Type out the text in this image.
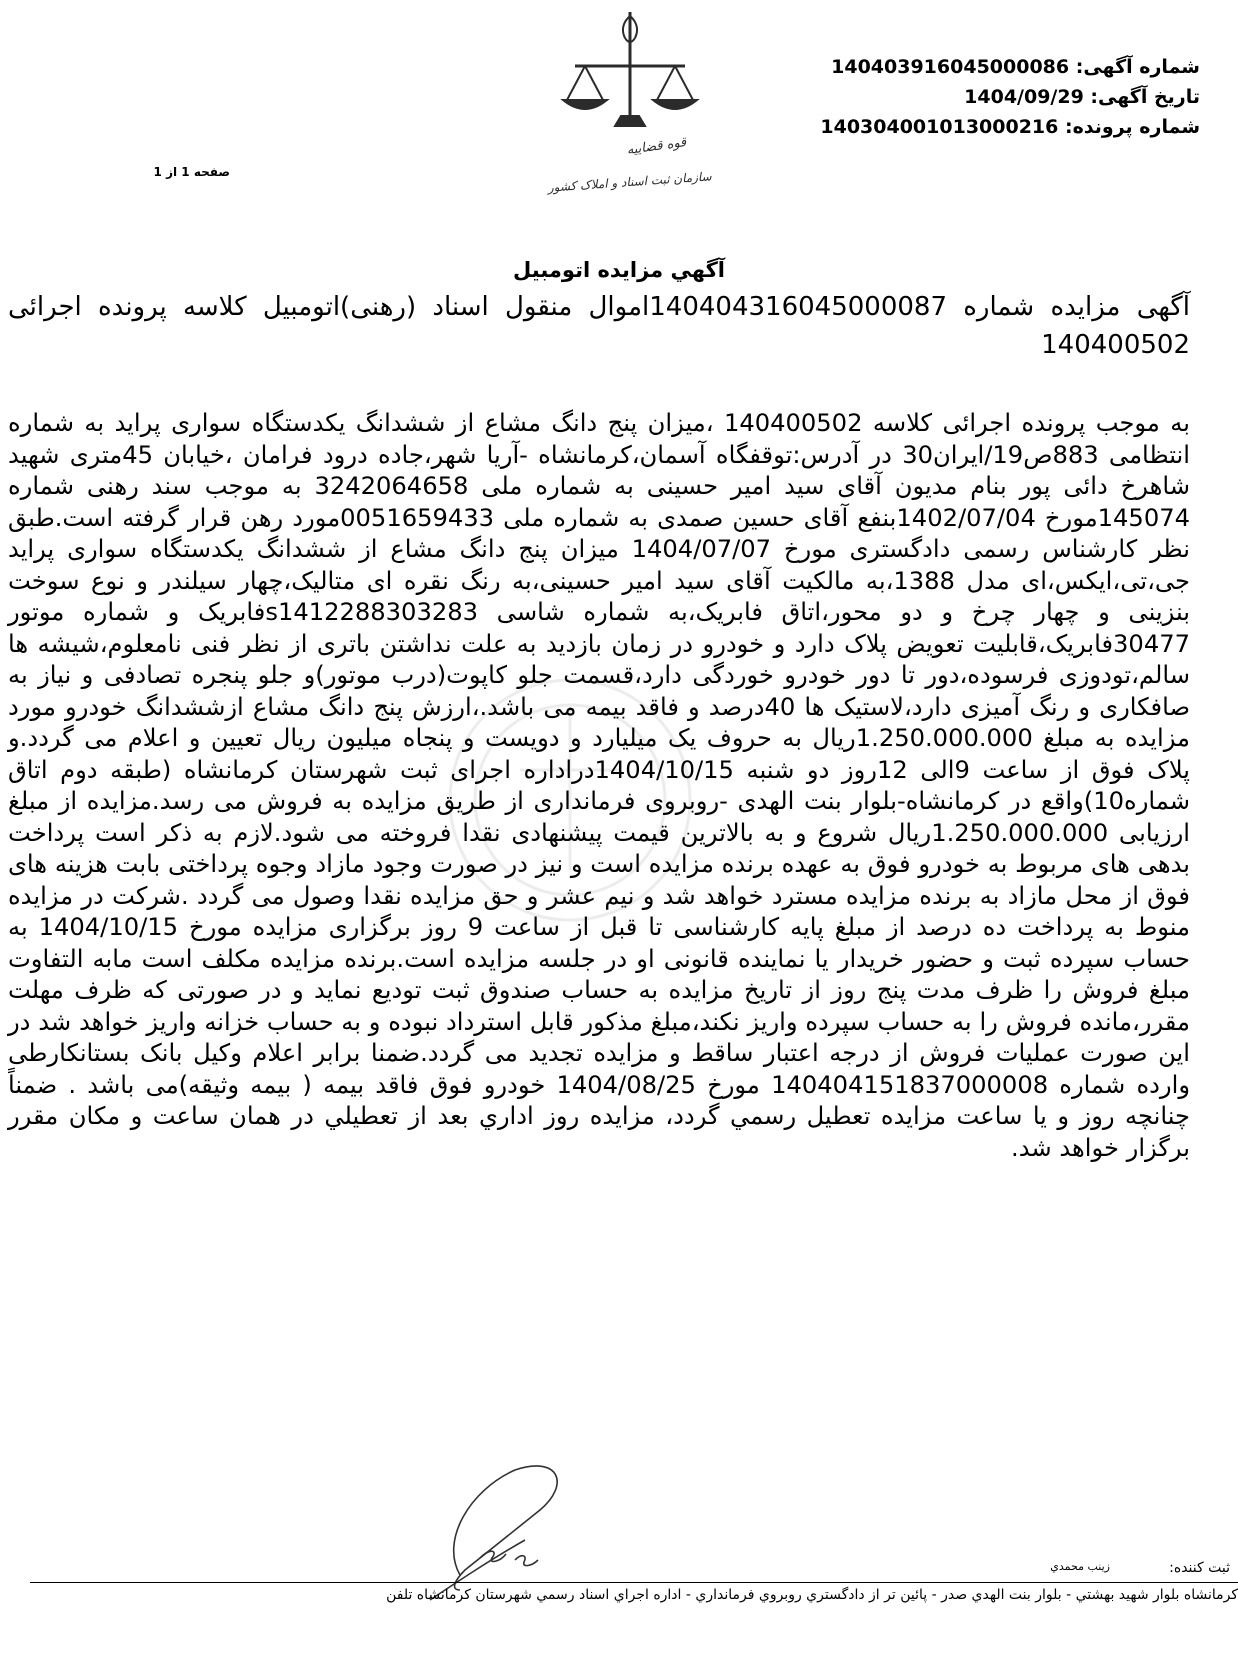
شماره آگهی: 140403916045000086
تاریخ آگهی: 1404/09/29
شماره پرونده: 140304001013000216
صفحه 1 از 1
قوه قضاییه
سازمان ثبت اسناد و املاک کشور
آگهي مزايده اتومبيل
آگهی مزایده شماره 140404316045000087اموال منقول اسناد (رهنی)اتومبیل کلاسه پرونده اجرائی 140400502
به موجب پرونده اجرائی کلاسه 140400502 ،میزان پنج دانگ مشاع از ششدانگ یکدستگاه سواری پراید به شماره انتظامی 883ص19/ایران30 در آدرس:توقفگاه آسمان،کرمانشاه -آریا شهر،جاده درود فرامان ،خیابان 45متری شهید شاهرخ دائی پور بنام مدیون آقای سید امیر حسینی به شماره ملی 3242064658 به موجب سند رهنی شماره 145074مورخ 1402/07/04بنفع آقای حسین صمدی به شماره ملی 0051659433مورد رهن قرار گرفته است.طبق نظر کارشناس رسمی دادگستری مورخ 1404/07/07 میزان پنج دانگ مشاع از ششدانگ یکدستگاه سواری پراید جی،تی،ایکس،ای مدل 1388،به مالکیت آقای سید امیر حسینی،به رنگ نقره ای متالیک،چهار سیلندر و نوع سوخت بنزینی و چهار چرخ و دو محور،اتاق فابریک،به شماره شاسی s1412288303283فابریک و شماره موتور 30477فابریک،قابلیت تعویض پلاک دارد و خودرو در زمان بازدید به علت نداشتن باتری از نظر فنی نامعلوم،شیشه ها سالم،تودوزی فرسوده،دور تا دور خودرو خوردگی دارد،قسمت جلو کاپوت(درب موتور)و جلو پنجره تصادفی و نیاز به صافکاری و رنگ آمیزی دارد،لاستیک ها 40درصد و فاقد بیمه می باشد.،ارزش پنج دانگ مشاع ازششدانگ خودرو مورد مزایده به مبلغ 1.250.000.000ریال به حروف یک میلیارد و دویست و پنجاه میلیون ریال تعیین و اعلام می گردد.و پلاک فوق از ساعت 9الی 12روز دو شنبه 1404/10/15دراداره اجرای ثبت شهرستان کرمانشاه (طبقه دوم اتاق شماره10)واقع در کرمانشاه-بلوار بنت الهدی -روبروی فرمانداری از طریق مزایده به فروش می رسد.مزایده از مبلغ ارزیابی 1.250.000.000ریال شروع و به بالاترین قیمت پیشنهادی نقدا فروخته می شود.لازم به ذکر است پرداخت بدهی های مربوط به خودرو فوق به عهده برنده مزایده است و نیز در صورت وجود مازاد وجوه پرداختی بابت هزینه های فوق از محل مازاد به برنده مزایده مسترد خواهد شد و نیم عشر و حق مزایده نقدا وصول می گردد .شرکت در مزایده منوط به پرداخت ده درصد از مبلغ پایه کارشناسی تا قبل از ساعت 9 روز برگزاری مزایده مورخ 1404/10/15 به حساب سپرده ثبت و حضور خریدار یا نماینده قانونی او در جلسه مزایده است.برنده مزایده مکلف است مابه التفاوت مبلغ فروش را ظرف مدت پنج روز از تاریخ مزایده به حساب صندوق ثبت تودیع نماید و در صورتی که ظرف مهلت مقرر،مانده فروش را به حساب سپرده واریز نکند،مبلغ مذکور قابل استرداد نبوده و به حساب خزانه واریز خواهد شد در این صورت عملیات فروش از درجه اعتبار ساقط و مزایده تجدید می گردد.ضمنا برابر اعلام وکیل بانک بستانکارطی وارده شماره 140404151837000008 مورخ 1404/08/25 خودرو فوق فاقد بیمه ( بیمه وثیقه)می باشد . ضمناً چنانچه روز و يا ساعت مزايده تعطيل رسمي گردد، مزايده روز اداري بعد از تعطيلي در همان ساعت و مكان مقرر برگزار خواهد شد.
ثبت کننده:
زینب محمدي
کرمانشاه بلوار شهيد بهشتي - بلوار بنت الهدي صدر - پائين تر از دادگستري روبروي فرمانداري - اداره اجراي اسناد رسمي شهرستان کرمانشاه تلفن
